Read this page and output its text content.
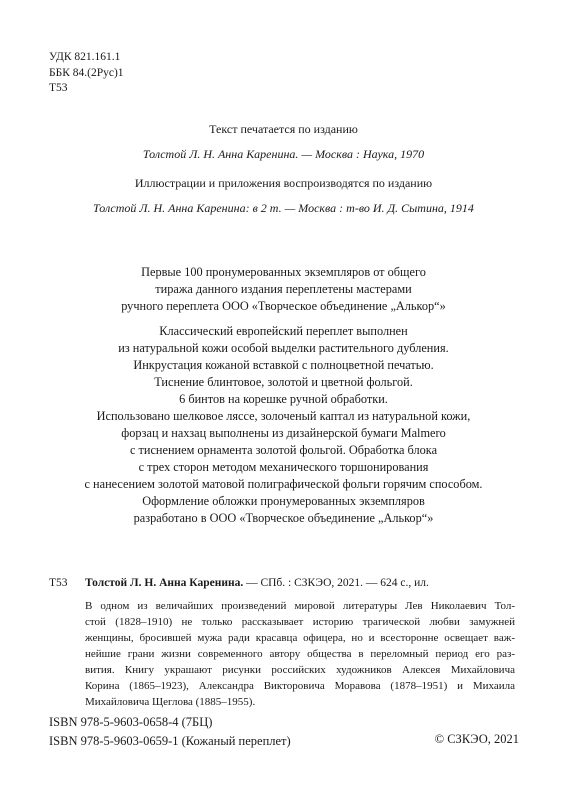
УДК 821.161.1
ББК 84.(2Рус)1
Т53
Текст печатается по изданию
Толстой Л. Н. Анна Каренина. — Москва : Наука, 1970
Иллюстрации и приложения воспроизводятся по изданию
Толстой Л. Н. Анна Каренина: в 2 т. — Москва : т-во И. Д. Сытина, 1914
Первые 100 пронумерованных экземпляров от общего
тиража данного издания переплетены мастерами
ручного переплета ООО «Творческое объединение „Алькор“»
Классический европейский переплет выполнен
из натуральной кожи особой выделки растительного дубления.
Инкрустация кожаной вставкой с полноцветной печатью.
Тиснение блинтовое, золотой и цветной фольгой.
6 бинтов на корешке ручной обработки.
Использовано шелковое ляссе, золоченый каптал из натуральной кожи,
форзац и нахзац выполнены из дизайнерской бумаги Malmero
с тиснением орнамента золотой фольгой. Обработка блока
с трех сторон методом механического торшонирования
с нанесением золотой матовой полиграфической фольги горячим способом.
Оформление обложки пронумерованных экземпляров
разработано в ООО «Творческое объединение „Алькор“»
Т53 Толстой Л. Н. Анна Каренина. — СПб. : СЗКЭО, 2021. — 624 с., ил.
В одном из величайших произведений мировой литературы Лев Николаевич Тол-
стой (1828–1910) не только рассказывает историю трагической любви замужней
женщины, бросившей мужа ради красавца офицера, но и всесторонне освещает важ-
нейшие грани жизни современного автору общества в переломный период его раз-
вития. Книгу украшают рисунки российских художников Алексея Михайловича
Корина (1865–1923), Александра Викторовича Моравова (1878–1951) и Михаила
Михайловича Щеглова (1885–1955).
ISBN 978-5-9603-0658-4 (7БЦ)
ISBN 978-5-9603-0659-1 (Кожаный переплет)	© СЗКЭО, 2021
